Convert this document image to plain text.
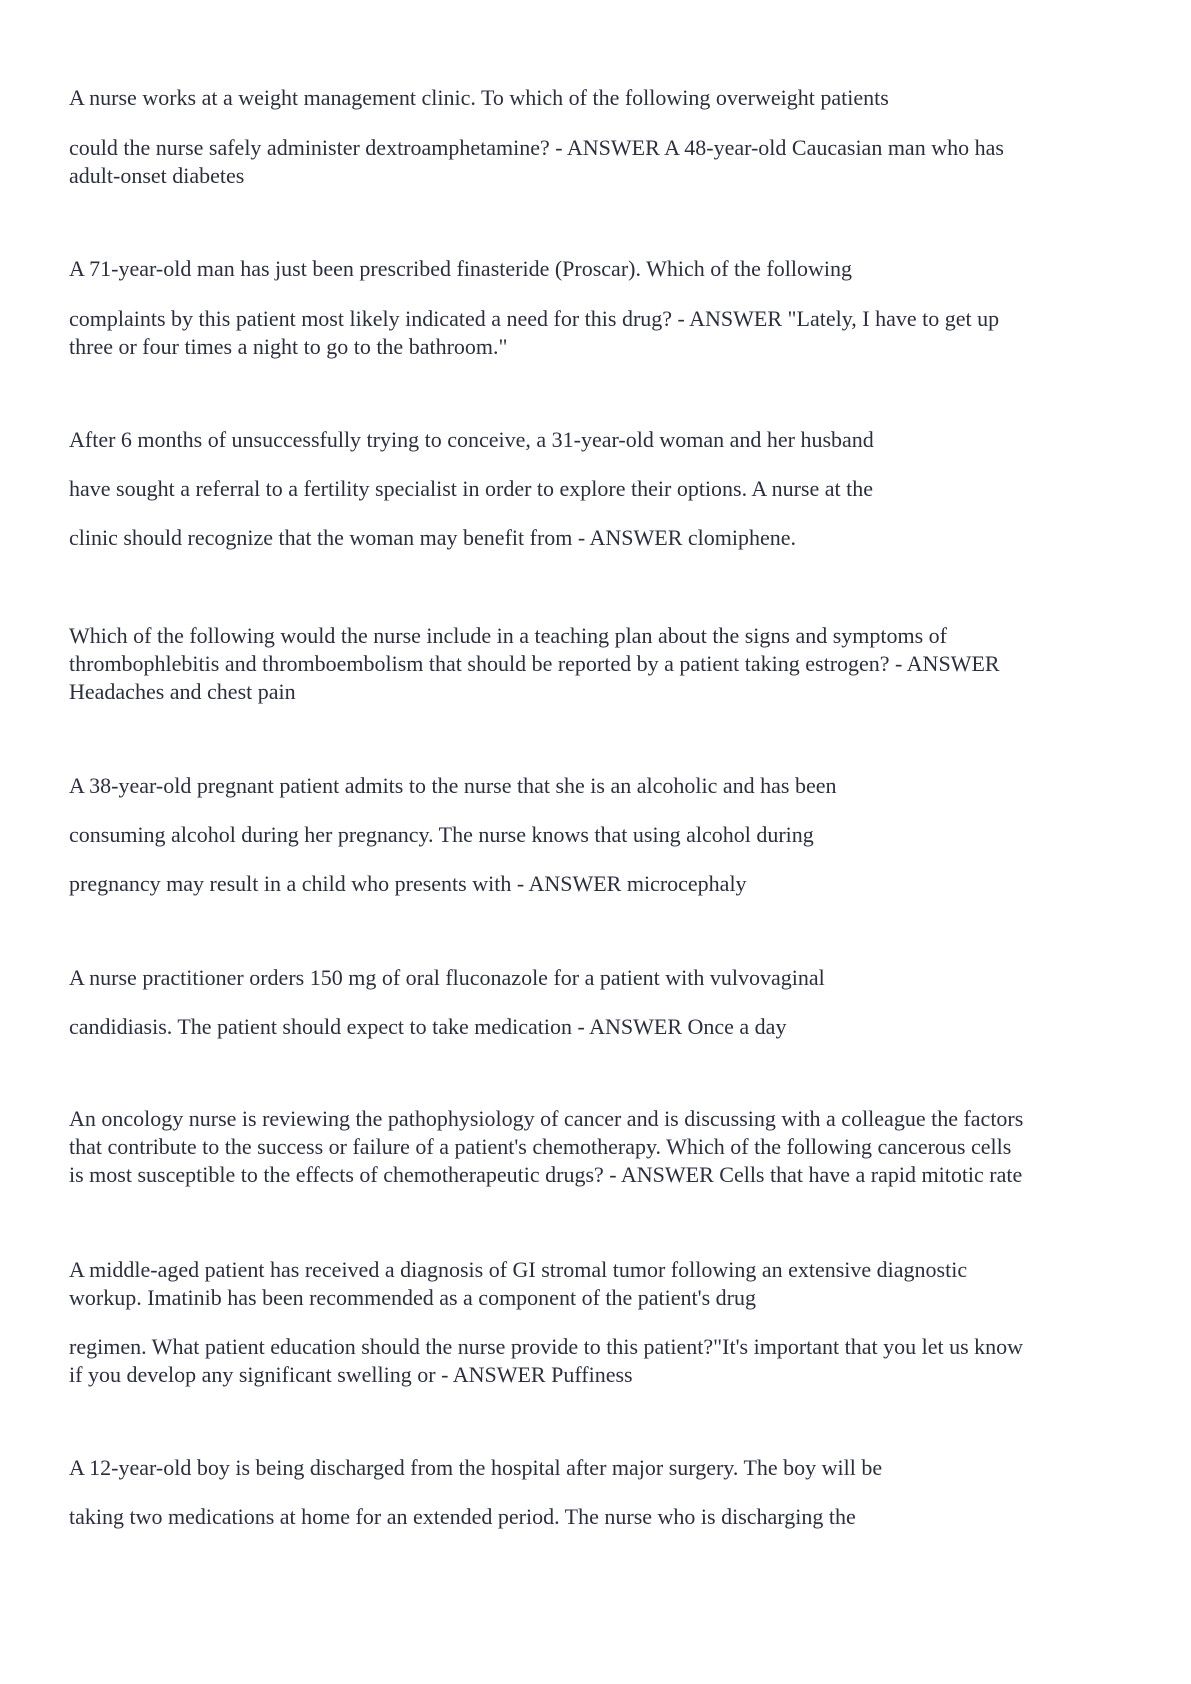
A nurse works at a weight management clinic. To which of the following overweight patients

could the nurse safely administer dextroamphetamine? - ANSWER A 48-year-old Caucasian man who has

adult-onset diabetes

A 71-year-old man has just been prescribed finasteride (Proscar). Which of the following

complaints by this patient most likely indicated a need for this drug? - ANSWER "Lately, I have to get up

three or four times a night to go to the bathroom."

After 6 months of unsuccessfully trying to conceive, a 31-year-old woman and her husband

have sought a referral to a fertility specialist in order to explore their options. A nurse at the

clinic should recognize that the woman may benefit from - ANSWER clomiphene.

Which of the following would the nurse include in a teaching plan about the signs and symptoms of

thrombophlebitis and thromboembolism that should be reported by a patient taking estrogen? - ANSWER

Headaches and chest pain

A 38-year-old pregnant patient admits to the nurse that she is an alcoholic and has been

consuming alcohol during her pregnancy. The nurse knows that using alcohol during

pregnancy may result in a child who presents with - ANSWER microcephaly

A nurse practitioner orders 150 mg of oral fluconazole for a patient with vulvovaginal

candidiasis. The patient should expect to take medication - ANSWER Once a day

An oncology nurse is reviewing the pathophysiology of cancer and is discussing with a colleague the factors

that contribute to the success or failure of a patient's chemotherapy. Which of the following cancerous cells

is most susceptible to the effects of chemotherapeutic drugs? - ANSWER Cells that have a rapid mitotic rate

A middle-aged patient has received a diagnosis of GI stromal tumor following an extensive diagnostic

workup. Imatinib has been recommended as a component of the patient's drug

regimen. What patient education should the nurse provide to this patient?"It's important that you let us know

if you develop any significant swelling or - ANSWER Puffiness

A 12-year-old boy is being discharged from the hospital after major surgery. The boy will be

taking two medications at home for an extended period. The nurse who is discharging the
